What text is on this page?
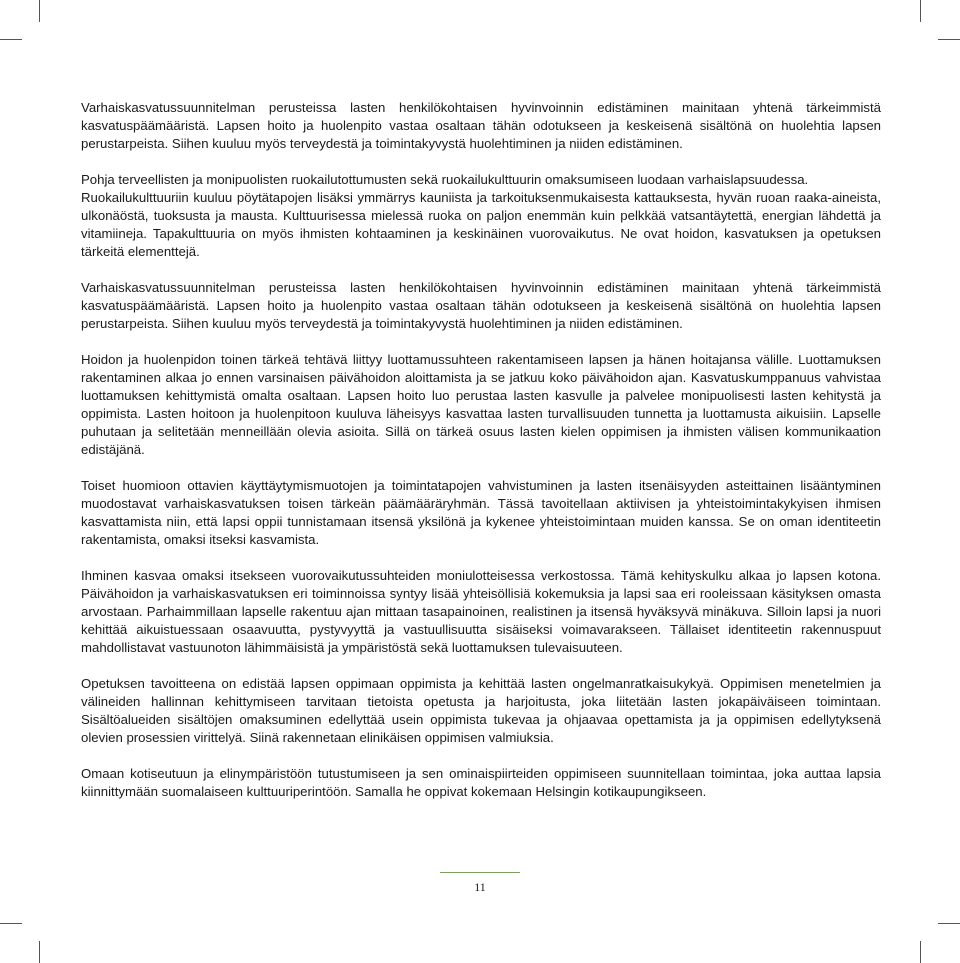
Varhaiskasvatussuunnitelman perusteissa lasten henkilökohtaisen hyvinvoinnin edistäminen mainitaan yhtenä tärkeimmistä kasvatuspäämääristä. Lapsen hoito ja huolenpito vastaa osaltaan tähän odotukseen ja keskeisenä sisältönä on huolehtia lapsen perustarpeista. Siihen kuuluu myös terveydestä ja toimintakyvystä huolehtiminen ja niiden edistäminen.

Pohja terveellisten ja monipuolisten ruokailutottumusten sekä ruokailukulttuurin omaksumiseen luodaan varhaislapsuudessa.

Ruokailukulttuuriin kuuluu pöytätapojen lisäksi ymmärrys kauniista ja tarkoituksenmukaisesta kattauksesta, hyvän ruoan raaka-aineista, ulkonäöstä, tuoksusta ja mausta. Kulttuurisessa mielessä ruoka on paljon enemmän kuin pelkkää vatsantäytettä, energian lähdettä ja vitamiineja. Tapakulttuuria on myös ihmisten kohtaaminen ja keskinäinen vuorovaikutus. Ne ovat hoidon, kasvatuksen ja opetuksen tärkeitä elementtejä.

Varhaiskasvatussuunnitelman perusteissa lasten henkilökohtaisen hyvinvoinnin edistäminen mainitaan yhtenä tärkeimmistä kasvatuspäämääristä. Lapsen hoito ja huolenpito vastaa osaltaan tähän odotukseen ja keskeisenä sisältönä on huolehtia lapsen perustarpeista. Siihen kuuluu myös terveydestä ja toimintakyvystä huolehtiminen ja niiden edistäminen.

Hoidon ja huolenpidon toinen tärkeä tehtävä liittyy luottamussuhteen rakentamiseen lapsen ja hänen hoitajansa välille. Luottamuksen rakentaminen alkaa jo ennen varsinaisen päivähoidon aloittamista ja se jatkuu koko päivähoidon ajan. Kasvatuskumppanuus vahvistaa luottamuksen kehittymistä omalta osaltaan. Lapsen hoito luo perustaa lasten kasvulle ja palvelee monipuolisesti lasten kehitystä ja oppimista. Lasten hoitoon ja huolenpitoon kuuluva läheisyys kasvattaa lasten turvallisuuden tunnetta ja luottamusta aikuisiin. Lapselle puhutaan ja selitetään menneillään olevia asioita. Sillä on tärkeä osuus lasten kielen oppimisen ja ihmisten välisen kommunikaation edistäjänä.

Toiset huomioon ottavien käyttäytymismuotojen ja toimintatapojen vahvistuminen ja lasten itsenäisyyden asteittainen lisääntyminen muodostavat varhaiskasvatuksen toisen tärkeän päämääräryhmän. Tässä tavoitellaan aktiivisen ja yhteistoimintakykyisen ihmisen kasvattamista niin, että lapsi oppii tunnistamaan itsensä yksilönä ja kykenee yhteistoimintaan muiden kanssa. Se on oman identiteetin rakentamista, omaksi itseksi kasvamista.

Ihminen kasvaa omaksi itsekseen vuorovaikutussuhteiden moniulotteisessa verkostossa. Tämä kehityskulku alkaa jo lapsen kotona. Päivähoidon ja varhaiskasvatuksen eri toiminnoissa syntyy lisää yhteisöllisiä kokemuksia ja lapsi saa eri rooleissaan käsityksen omasta arvostaan. Parhaimmillaan lapselle rakentuu ajan mittaan tasapainoinen, realistinen ja itsensä hyväksyvä minäkuva. Silloin lapsi ja nuori kehittää aikuistuessaan osaavuutta, pystyvyyttä ja vastuullisuutta sisäiseksi voimavarakseen. Tällaiset identiteetin rakennuspuut mahdollistavat vastuunoton lähimmäisistä ja ympäristöstä sekä luottamuksen tulevaisuuteen.

Opetuksen tavoitteena on edistää lapsen oppimaan oppimista ja kehittää lasten ongelmanratkaisukykyä. Oppimisen menetelmien ja välineiden hallinnan kehittymiseen tarvitaan tietoista opetusta ja harjoitusta, joka liitetään lasten jokapäiväiseen toimintaan. Sisältöalueiden sisältöjen omaksuminen edellyttää usein oppimista tukevaa ja ohjaavaa opettamista ja ja oppimisen edellytyksenä olevien prosessien virittelyä. Siinä rakennetaan elinikäisen oppimisen valmiuksia.

Omaan kotiseutuun ja elinympäristöön tutustumiseen ja sen ominaispiirteiden oppimiseen suunnitellaan toimintaa, joka auttaa lapsia kiinnittymään suomalaiseen kulttuuriperintöön. Samalla he oppivat kokemaan Helsingin kotikaupungikseen.

11
